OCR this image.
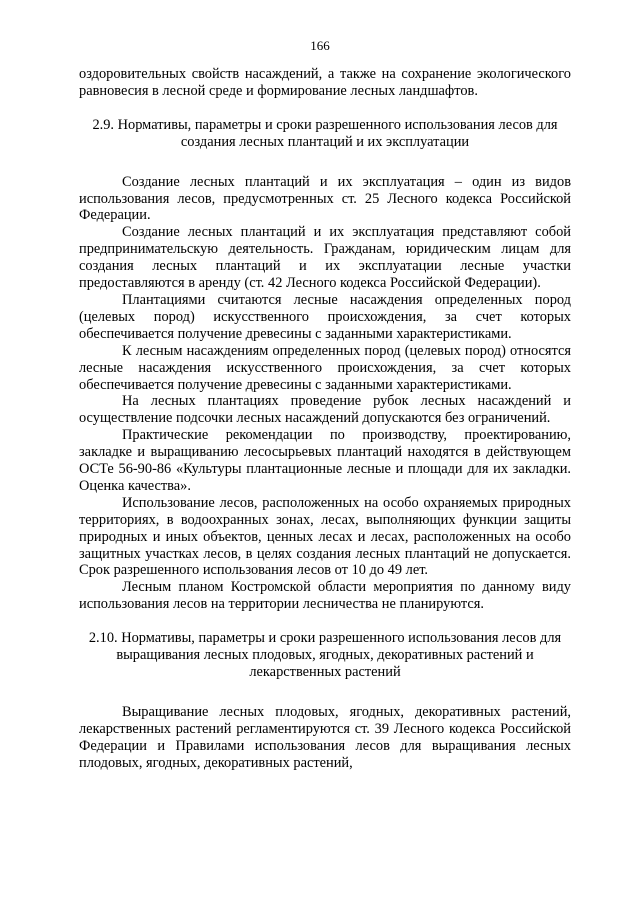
166

оздоровительных свойств насаждений, а также на сохранение экологического равновесия в лесной среде и формирование лесных ландшафтов.

2.9. Нормативы, параметры и сроки разрешенного использования лесов для создания лесных плантаций и их эксплуатации

Создание лесных плантаций и их эксплуатация – один из видов использования лесов, предусмотренных ст. 25 Лесного кодекса Российской Федерации.

Создание лесных плантаций и их эксплуатация представляют собой предпринимательскую деятельность. Гражданам, юридическим лицам для создания лесных плантаций и их эксплуатации лесные участки предоставляются в аренду (ст. 42 Лесного кодекса Российской Федерации).

Плантациями считаются лесные насаждения определенных пород (целевых пород) искусственного происхождения, за счет которых обеспечивается получение древесины с заданными характеристиками.

К лесным насаждениям определенных пород (целевых пород) относятся лесные насаждения искусственного происхождения, за счет которых обеспечивается получение древесины с заданными характеристиками.

На лесных плантациях проведение рубок лесных насаждений и осуществление подсочки лесных насаждений допускаются без ограничений.

Практические рекомендации по производству, проектированию, закладке и выращиванию лесосырьевых плантаций находятся в действующем ОСТе 56-90-86 «Культуры плантационные лесные и площади для их закладки. Оценка качества».

Использование лесов, расположенных на особо охраняемых природных территориях, в водоохранных зонах, лесах, выполняющих функции защиты природных и иных объектов, ценных лесах и лесах, расположенных на особо защитных участках лесов, в целях создания лесных плантаций не допускается. Срок разрешенного использования лесов от 10 до 49 лет.

Лесным планом Костромской области мероприятия по данному виду использования лесов на территории лесничества не планируются.

2.10. Нормативы, параметры и сроки разрешенного использования лесов для выращивания лесных плодовых, ягодных, декоративных растений и лекарственных растений

Выращивание лесных плодовых, ягодных, декоративных растений, лекарственных растений регламентируются ст. 39 Лесного кодекса Российской Федерации и Правилами использования лесов для выращивания лесных плодовых, ягодных, декоративных растений,
